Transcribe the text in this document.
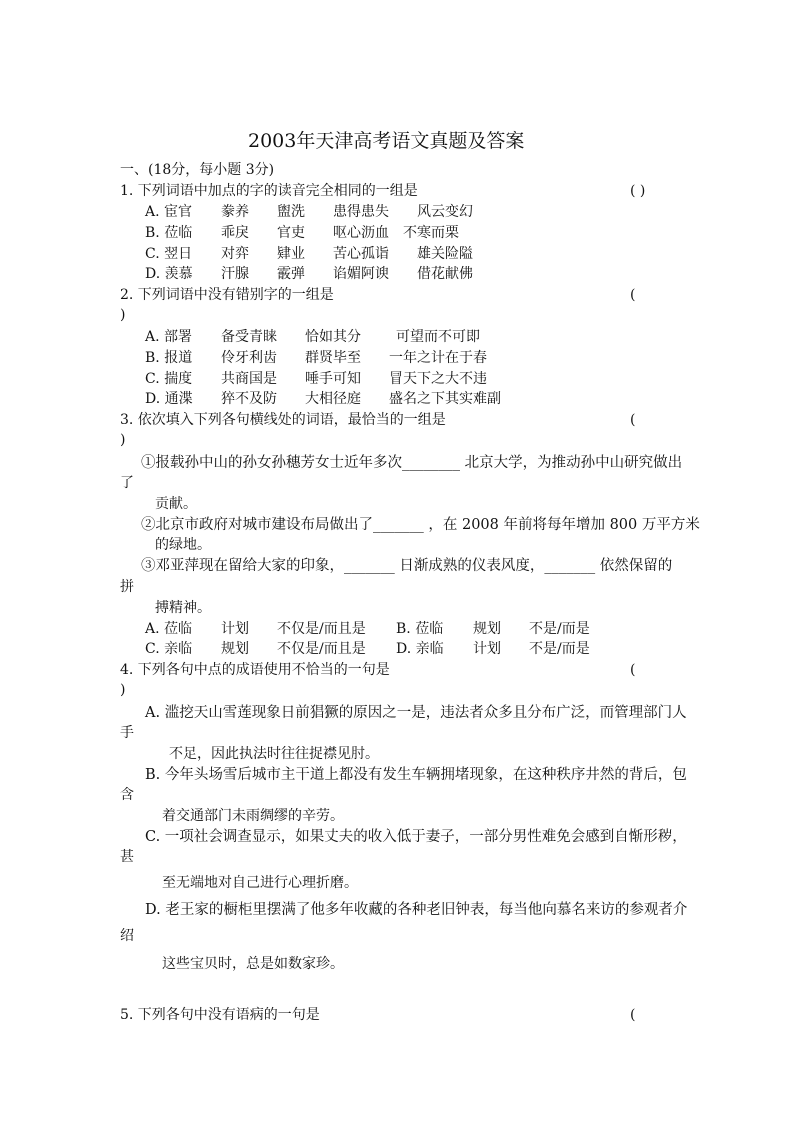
2003年天津高考语文真题及答案
一、(18分，每小题 3分)
1. 下列词语中加点的字的读音完全相同的一组是	( )
A. 宦官 豢养 盥洗 患得患失 风云变幻
B. 莅临 乖戾 官吏 呕心沥血 不寒而栗
C. 翌日 对弈 肄业 苦心孤诣 雄关险隘
D. 羡慕 汗腺 霰弹 谄媚阿谀 借花献佛
2. 下列词语中没有错别字的一组是	(
)
A. 部署 备受青睐 恰如其分	可望而不可即
B. 报道 伶牙利齿 群贤毕至 一年之计在于春
C. 揣度 共商国是 唾手可知 冒天下之大不违
D. 通渫 猝不及防 大相径庭 盛名之下其实难副
3. 依次填入下列各句横线处的词语，最恰当的一组是	(
)
①报载孙中山的孙女孙穗芳女士近年多次________ 北京大学，为推动孙中山研究做出
了
贡献。
②北京市政府对城市建设布局做出了_______ ，在 2008 年前将每年增加 800 万平方米
的绿地。
③邓亚萍现在留给大家的印象，_______ 日渐成熟的仪表风度，_______ 依然保留的
拼
搏精神。
A. 莅临 计划 不仅是/而且是 B. 莅临 规划 不是/而是
C. 亲临 规划 不仅是/而且是 D. 亲临 计划 不是/而是
4. 下列各句中点的成语使用不恰当的一句是	(
)
A. 滥挖天山雪莲现象日前猖獗的原因之一是，违法者众多且分布广泛，而管理部门人
手
不足，因此执法时往往捉襟见肘。
B. 今年头场雪后城市主干道上都没有发生车辆拥堵现象，在这种秩序井然的背后，包
含
着交通部门未雨绸缪的辛劳。
C. 一项社会调查显示，如果丈夫的收入低于妻子，一部分男性难免会感到自惭形秽，
甚
至无端地对自己进行心理折磨。
D. 老王家的橱柜里摆满了他多年收藏的各种老旧钟表，每当他向慕名来访的参观者介
绍
这些宝贝时，总是如数家珍。
5. 下列各句中没有语病的一句是	(
